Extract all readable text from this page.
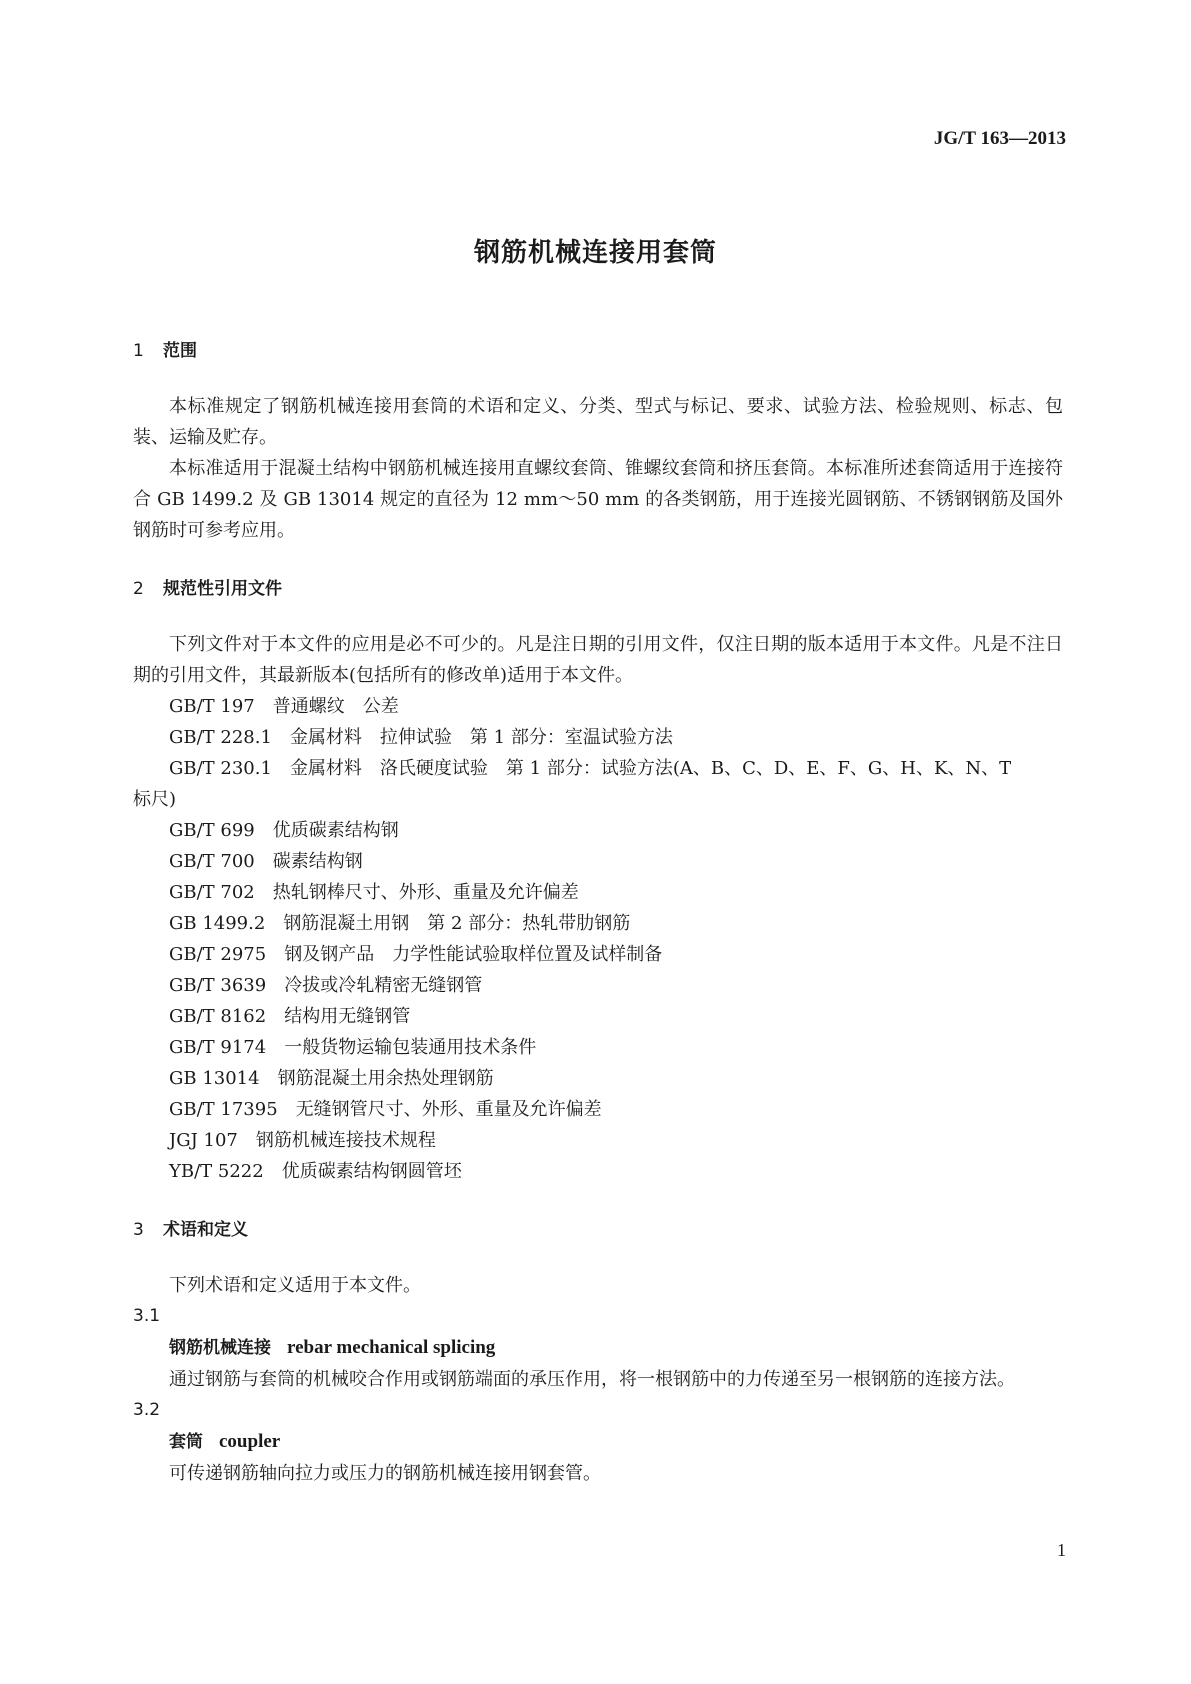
JG/T 163—2013
钢筋机械连接用套筒
1 范围
本标准规定了钢筋机械连接用套筒的术语和定义、分类、型式与标记、要求、试验方法、检验规则、标志、包装、运输及贮存。
本标准适用于混凝土结构中钢筋机械连接用直螺纹套筒、锥螺纹套筒和挤压套筒。本标准所述套筒适用于连接符合 GB 1499.2 及 GB 13014 规定的直径为 12 mm～50 mm 的各类钢筋，用于连接光圆钢筋、不锈钢钢筋及国外钢筋时可参考应用。
2 规范性引用文件
下列文件对于本文件的应用是必不可少的。凡是注日期的引用文件，仅注日期的版本适用于本文件。凡是不注日期的引用文件，其最新版本(包括所有的修改单)适用于本文件。
GB/T 197 普通螺纹　公差
GB/T 228.1 金属材料　拉伸试验　第 1 部分：室温试验方法
GB/T 230.1 金属材料　洛氏硬度试验　第 1 部分：试验方法(A、B、C、D、E、F、G、H、K、N、T
标尺)
GB/T 699 优质碳素结构钢
GB/T 700 碳素结构钢
GB/T 702 热轧钢棒尺寸、外形、重量及允许偏差
GB 1499.2 钢筋混凝土用钢　第 2 部分：热轧带肋钢筋
GB/T 2975 钢及钢产品　力学性能试验取样位置及试样制备
GB/T 3639 冷拔或冷轧精密无缝钢管
GB/T 8162 结构用无缝钢管
GB/T 9174 一般货物运输包装通用技术条件
GB 13014 钢筋混凝土用余热处理钢筋
GB/T 17395 无缝钢管尺寸、外形、重量及允许偏差
JGJ 107 钢筋机械连接技术规程
YB/T 5222 优质碳素结构钢圆管坯
3 术语和定义
下列术语和定义适用于本文件。
3.1
钢筋机械连接 rebar mechanical splicing
通过钢筋与套筒的机械咬合作用或钢筋端面的承压作用，将一根钢筋中的力传递至另一根钢筋的连接方法。
3.2
套筒 coupler
可传递钢筋轴向拉力或压力的钢筋机械连接用钢套管。
1
